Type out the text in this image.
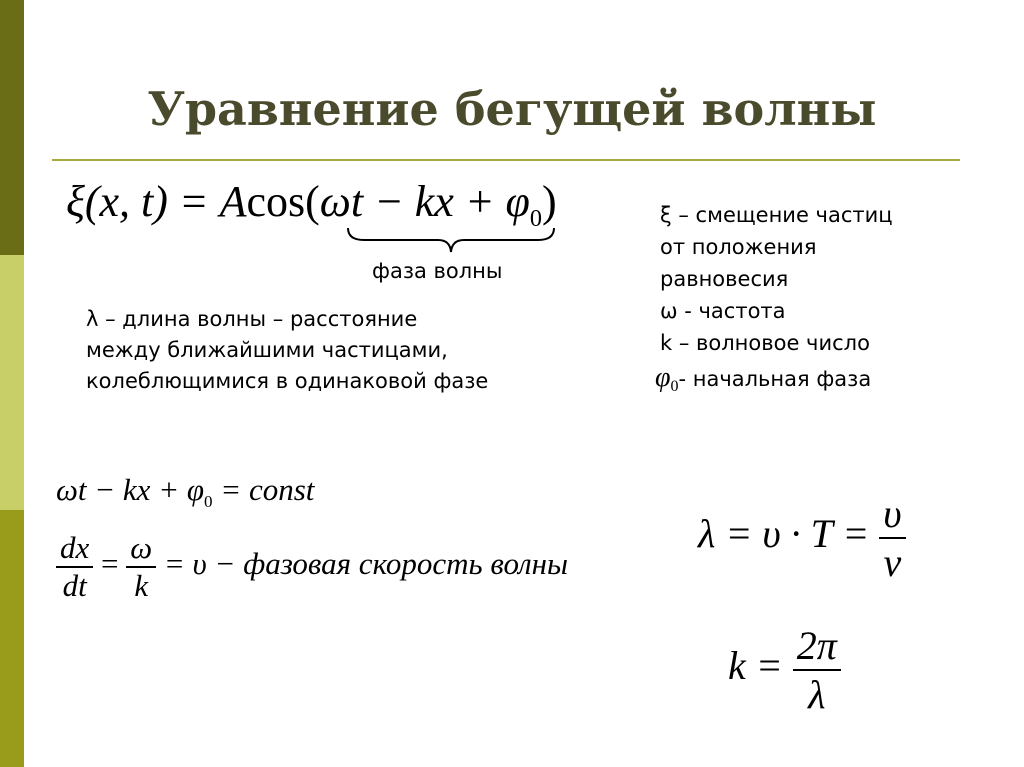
Уравнение бегущей волны
ξ(x, t) = Acos(ωt − kx + $\varphi_0$)
фаза волны
λ – длина волны – расстояние
между ближайшими частицами,
колеблющимися в одинаковой фазе
ξ – смещение частиц
от положения
равновесия
ω - частота
k – волновое число
$\varphi_0-$ начальная фаза
ωt − kx + $\varphi_0$ = const
$\frac{dx}{dt} = \frac{\omega}{k} = \upsilon$ − фазовая скорость волны
$\lambda = \upsilon \cdot T = \frac{\upsilon}{\nu}$
$k = \frac{2\pi}{\lambda}$
